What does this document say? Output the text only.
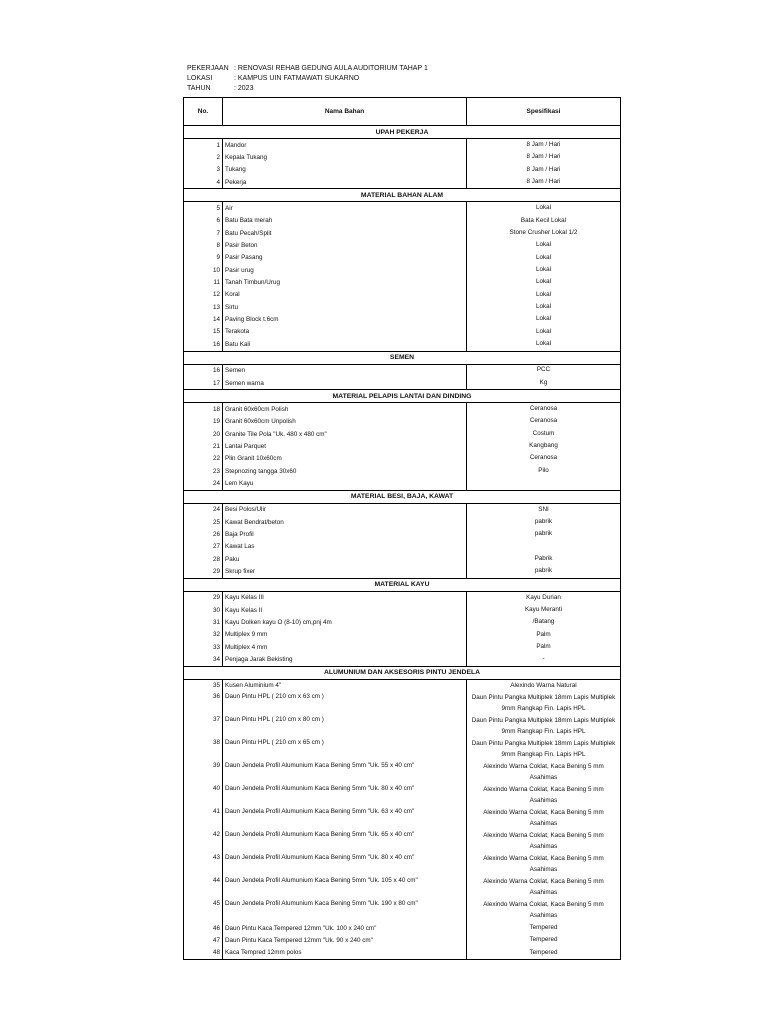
PEKERJAAN : RENOVASI REHAB GEDUNG AULA AUDITORIUM TAHAP 1
LOKASI	: KAMPUS UIN FATMAWATI SUKARNO
TAHUN	: 2023
No.	Nama Bahan	Spesifikasi
UPAH PEKERJA		
1	Mandor	8 Jam / Hari
2	Kepala Tukang	8 Jam / Hari
3	Tukang	8 Jam / Hari
4	Pekerja	8 Jam / Hari
MATERIAL BAHAN ALAM		
5	Air	Lokal
6	Batu Bata merah	Bata Kecil Lokal
7	Batu Pecah/Split	Stone Crusher Lokal 1/2
8	Pasir Beton	Lokal
9	Pasir Pasang	Lokal
10	Pasir urug	Lokal
11	Tanah Timbun/Urug	Lokal
12	Koral	Lokal
13	Sirtu	Lokal
14	Paving Block t.6cm	Lokal
15	Terakota	Lokal
16	Batu Kali	Lokal
SEMEN		
16	Semen	PCC
17	Semen warna	Kg
MATERIAL PELAPIS LANTAI DAN DINDING		
18	Granit 60x60cm Polish	Ceranosa
19	Granit 60x60cm Unpolish	Ceranosa
20	Granite Tile Pola "Uk. 480 x 480 cm"	Costum
21	Lantai Parquet	Kangbang
22	Plin Granit 10x60cm	Ceranosa
23	Stepnozing tangga 30x60	Pilo
24	Lem Kayu	
MATERIAL BESI, BAJA, KAWAT		
24	Besi Polos/Ulir	SNI
25	Kawat Bendrat/beton	pabrik
26	Baja Profil	pabrik
27	Kawat Las	
28	Paku	Pabrik
29	Skrup fixer	pabrik
MATERIAL KAYU		
29	Kayu Kelas III	Kayu Durian
30	Kayu Kelas II	Kayu Meranti
31	Kayu Dolken kayu O (8-10) cm,pnj 4m	/Batang
32	Multiplex 9 mm	Palm
33	Multiplex 4 mm	Palm
34	Penjaga Jarak Bekisting	-
ALUMUNIUM DAN AKSESORIS PINTU JENDELA		
35	Kusen Aluminium 4"	Alexindo Warna Natural
36	Daun Pintu HPL ( 210 cm x 63 cm )	Daun Pintu Pangka Multiplek 18mm Lapis Multiplek 9mm Rangkap Fin. Lapis HPL
37	Daun Pintu HPL ( 210 cm x 80 cm )	Daun Pintu Pangka Multiplek 18mm Lapis Multiplek 9mm Rangkap Fin. Lapis HPL
38	Daun Pintu HPL ( 210 cm x 65 cm )	Daun Pintu Pangka Multiplek 18mm Lapis Multiplek 9mm Rangkap Fin. Lapis HPL
39	Daun Jendela Profil Alumunium Kaca Bening 5mm "Uk. 55 x 40 cm"	Alexindo Warna Coklat, Kaca Bening 5 mm Asahimas
40	Daun Jendela Profil Alumunium Kaca Bening 5mm "Uk. 80 x 40 cm"	Alexindo Warna Coklat, Kaca Bening 5 mm Asahimas
41	Daun Jendela Profil Alumunium Kaca Bening 5mm "Uk. 63 x 40 cm"	Alexindo Warna Coklat, Kaca Bening 5 mm Asahimas
42	Daun Jendela Profil Alumunium Kaca Bening 5mm "Uk. 65 x 40 cm"	Alexindo Warna Coklat, Kaca Bening 5 mm Asahimas
43	Daun Jendela Profil Alumunium Kaca Bening 5mm "Uk. 80 x 40 cm"	Alexindo Warna Coklat, Kaca Bening 5 mm Asahimas
44	Daun Jendela Profil Alumunium Kaca Bening 5mm "Uk. 105 x 40 cm"	Alexindo Warna Coklat, Kaca Bening 5 mm Asahimas
45	Daun Jendela Profil Alumunium Kaca Bening 5mm "Uk. 190 x 80 cm"	Alexindo Warna Coklat, Kaca Bening 5 mm Asahimas
46	Daun Pintu Kaca Tempered 12mm "Uk. 100 x 240 cm"	Tempered
47	Daun Pintu Kaca Tempered 12mm "Uk. 90 x 240 cm"	Tempered
48	Kaca Tempred 12mm polos	Tempered
